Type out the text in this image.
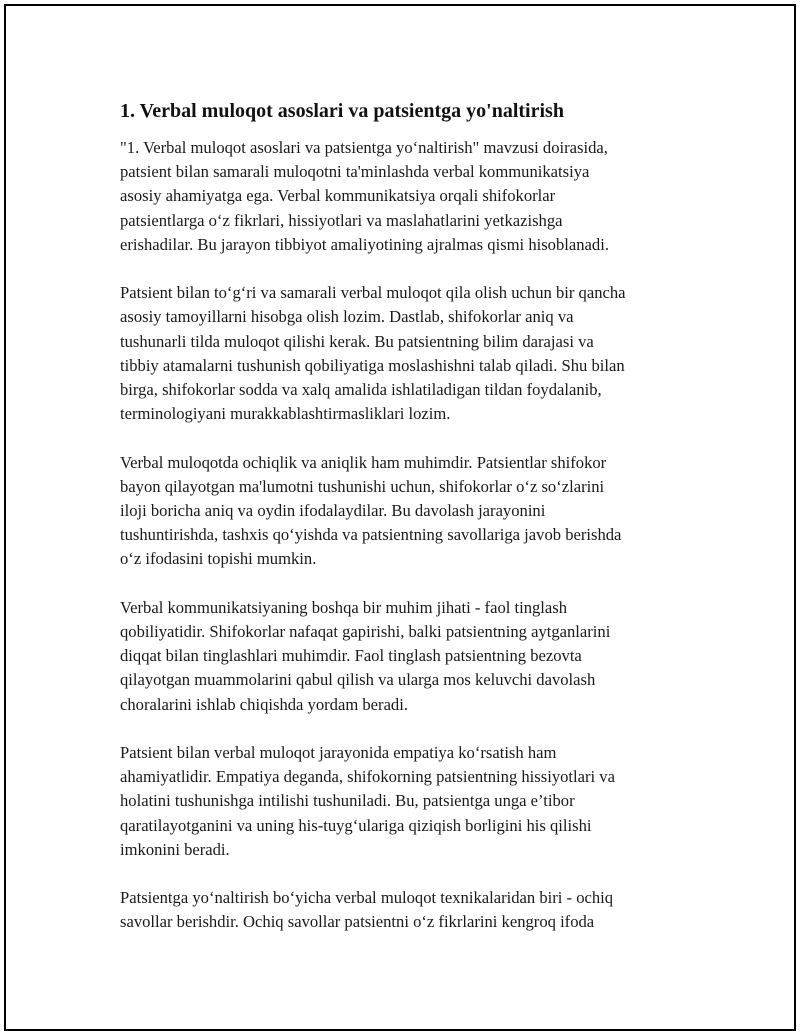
1. Verbal muloqot asoslari va patsientga yo'naltirish

"1. Verbal muloqot asoslari va patsientga yo‘naltirish" mavzusi doirasida,
patsient bilan samarali muloqotni ta'minlashda verbal kommunikatsiya
asosiy ahamiyatga ega. Verbal kommunikatsiya orqali shifokorlar
patsientlarga o‘z fikrlari, hissiyotlari va maslahatlarini yetkazishga
erishadilar. Bu jarayon tibbiyot amaliyotining ajralmas qismi hisoblanadi.

Patsient bilan to‘g‘ri va samarali verbal muloqot qila olish uchun bir qancha
asosiy tamoyillarni hisobga olish lozim. Dastlab, shifokorlar aniq va
tushunarli tilda muloqot qilishi kerak. Bu patsientning bilim darajasi va
tibbiy atamalarni tushunish qobiliyatiga moslashishni talab qiladi. Shu bilan
birga, shifokorlar sodda va xalq amalida ishlatiladigan tildan foydalanib,
terminologiyani murakkablashtirmasliklari lozim.

Verbal muloqotda ochiqlik va aniqlik ham muhimdir. Patsientlar shifokor
bayon qilayotgan ma'lumotni tushunishi uchun, shifokorlar o‘z so‘zlarini
iloji boricha aniq va oydin ifodalaydilar. Bu davolash jarayonini
tushuntirishda, tashxis qo‘yishda va patsientning savollariga javob berishda
o‘z ifodasini topishi mumkin.

Verbal kommunikatsiyaning boshqa bir muhim jihati - faol tinglash
qobiliyatidir. Shifokorlar nafaqat gapirishi, balki patsientning aytganlarini
diqqat bilan tinglashlari muhimdir. Faol tinglash patsientning bezovta
qilayotgan muammolarini qabul qilish va ularga mos keluvchi davolash
choralarini ishlab chiqishda yordam beradi.

Patsient bilan verbal muloqot jarayonida empatiya ko‘rsatish ham
ahamiyatlidir. Empatiya deganda, shifokorning patsientning hissiyotlari va
holatini tushunishga intilishi tushuniladi. Bu, patsientga unga e’tibor
qaratilayotganini va uning his-tuyg‘ulariga qiziqish borligini his qilishi
imkonini beradi.

Patsientga yo‘naltirish bo‘yicha verbal muloqot texnikalaridan biri - ochiq
savollar berishdir. Ochiq savollar patsientni o‘z fikrlarini kengroq ifoda
